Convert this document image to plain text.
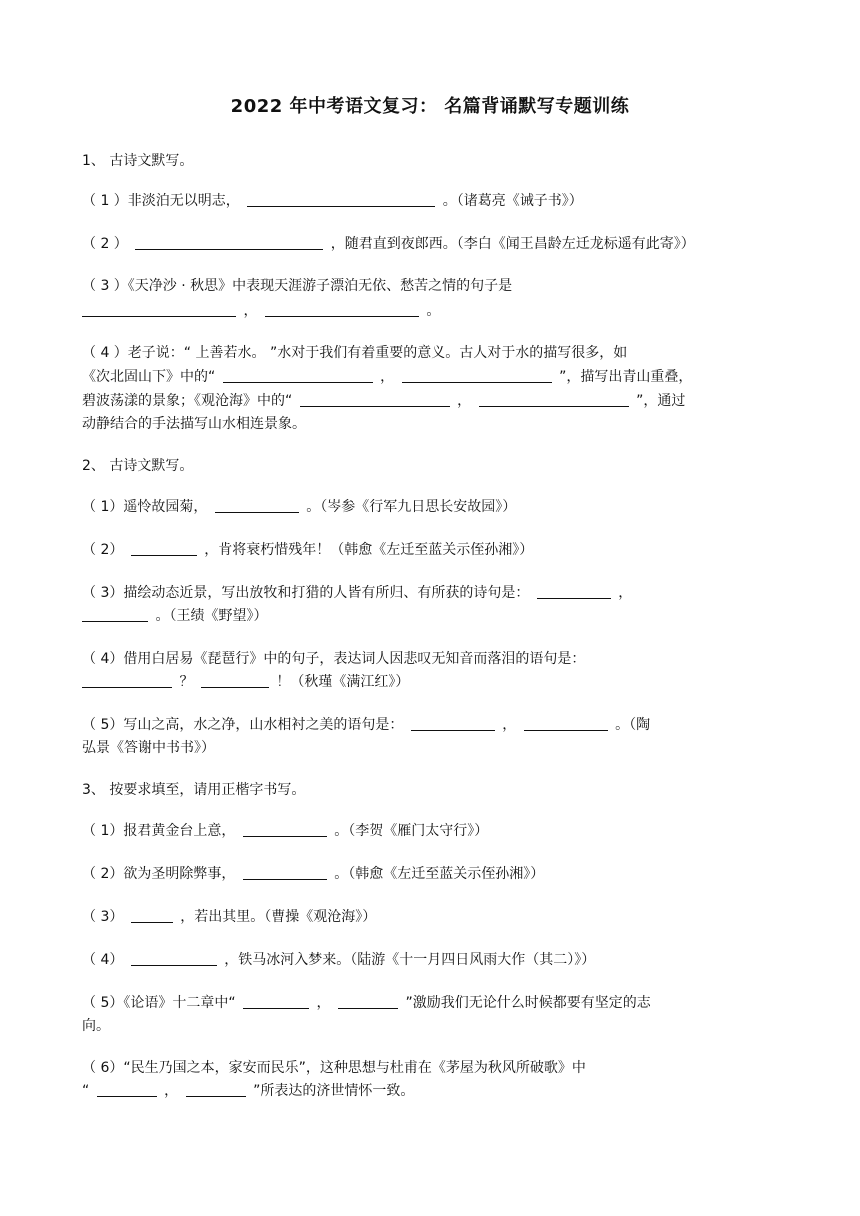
2022 年中考语文复习： 名篇背诵默写专题训练
1、 古诗文默写。
（ 1 ）非淡泊无以明志，	。（诸葛亮《诫子书》）
（ 2 ）	，随君直到夜郎西。（李白《闻王昌龄左迁龙标遥有此寄》）
（ 3 ）《天净沙 · 秋思》中表现天涯游子漂泊无依、愁苦之情的句子是
，	。
（ 4 ）老子说：“ 上善若水。 ”水对于我们有着重要的意义。古人对于水的描写很多，如
《次北固山下》中的“	，	”，描写出青山重叠，
碧波荡漾的景象；《观沧海》中的“	，	”，通过
动静结合的手法描写山水相连景象。
2、 古诗文默写。
（ 1）遥怜故园菊，	。（岑参《行军九日思长安故园》）
（ 2）	，肯将衰朽惜残年！（韩愈《左迁至蓝关示侄孙湘》）
（ 3）描绘动态近景，写出放牧和打猎的人皆有所归、有所获的诗句是：	，
。（王绩《野望》）
（ 4）借用白居易《琵琶行》中的句子，表达词人因悲叹无知音而落泪的语句是：
？	！（秋瑾《满江红》）
（ 5）写山之高，水之净，山水相衬之美的语句是：	，	。（陶
弘景《答谢中书书》）
3、 按要求填至，请用正楷字书写。
（ 1）报君黄金台上意，	。（李贺《雁门太守行》）
（ 2）欲为圣明除弊事，	。（韩愈《左迁至蓝关示侄孙湘》）
（ 3）	，若出其里。（曹操《观沧海》）
（ 4）	，铁马冰河入梦来。（陆游《十一月四日风雨大作（其二）》）
（ 5）《论语》十二章中“	，	”激励我们无论什么时候都要有坚定的志
向。
（ 6）“民生乃国之本，家安而民乐”，这种思想与杜甫在《茅屋为秋风所破歌》中
“	，	”所表达的济世情怀一致。
